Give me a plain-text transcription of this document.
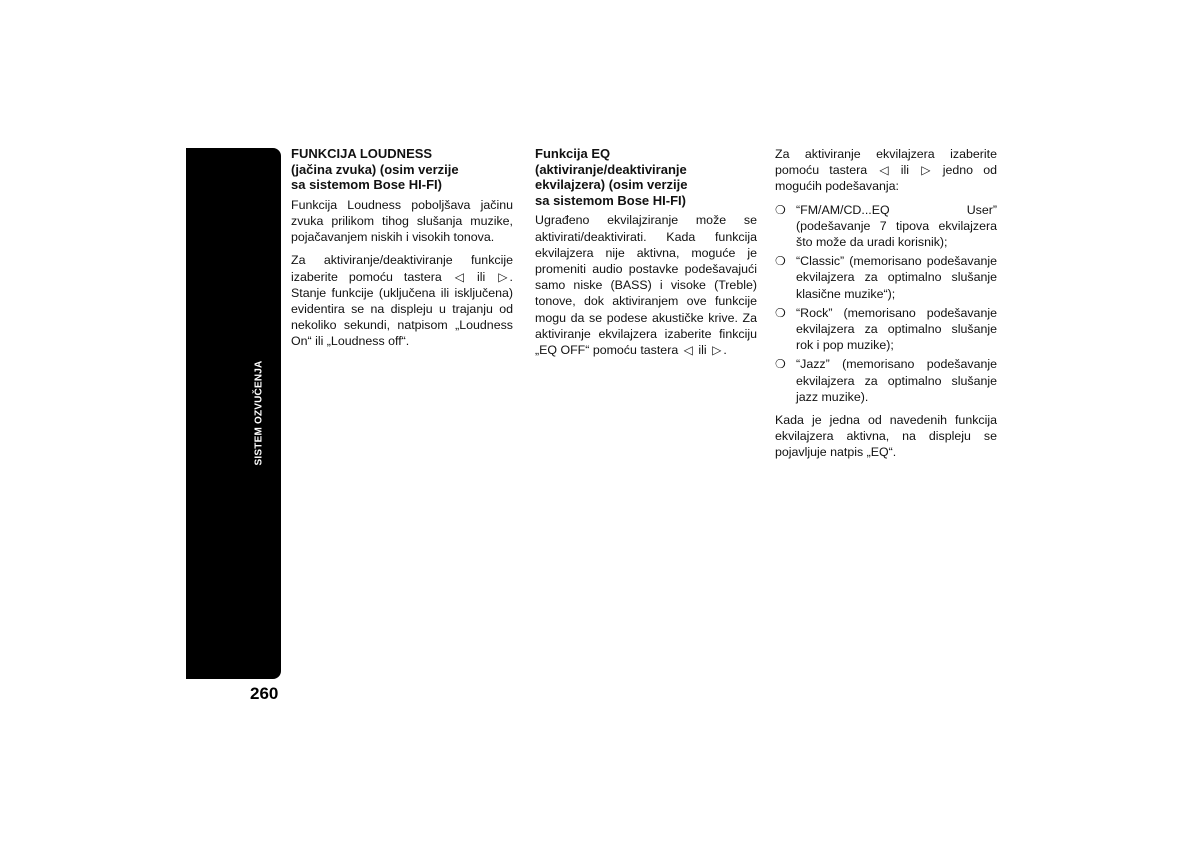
SISTEM OZVUČENJA
260
FUNKCIJA LOUDNESS
(jačina zvuka) (osim verzije
sa sistemom Bose HI-FI)

Funkcija Loudness poboljšava jačinu zvuka prilikom tihog slušanja muzike, pojačavanjem niskih i visokih tonova.

Za aktiviranje/deaktiviranje funkcije izaberite pomoću tastera ◁ ili ▷ . Stanje funkcije (uključena ili isključena) evidentira se na displeju u trajanju od nekoliko sekundi, natpisom „Loudness On“ ili „Loudness off“.

Funkcija EQ
(aktiviranje/deaktiviranje
ekvilajzera) (osim verzije
sa sistemom Bose HI-FI)

Ugrađeno ekvilajziranje može se aktivirati/deaktivirati. Kada funkcija ekvilajzera nije aktivna, moguće je promeniti audio postavke podešavajući samo niske (BASS) i visoke (Treble) tonove, dok aktiviranjem ove funkcije mogu da se podese akustičke krive. Za aktiviranje ekvilajzera izaberite finkciju „EQ OFF“ pomoću tastera ◁ ili ▷ .

Za aktiviranje ekvilajzera izaberite pomoću tastera ◁ ili ▷ jedno od mogućih podešavanja:

❍ “FM/AM/CD...EQ User” (podešavanje 7 tipova ekvilajzera što može da uradi korisnik);
❍ “Classic” (memorisano podešavanje ekvilajzera za optimalno slušanje klasične muzike“);
❍ “Rock” (memorisano podešavanje ekvilajzera za optimalno slušanje rok i pop muzike);
❍ “Jazz” (memorisano podešavanje ekvilajzera za optimalno slušanje jazz muzike).

Kada je jedna od navedenih funkcija ekvilajzera aktivna, na displeju se pojavljuje natpis „EQ“.
